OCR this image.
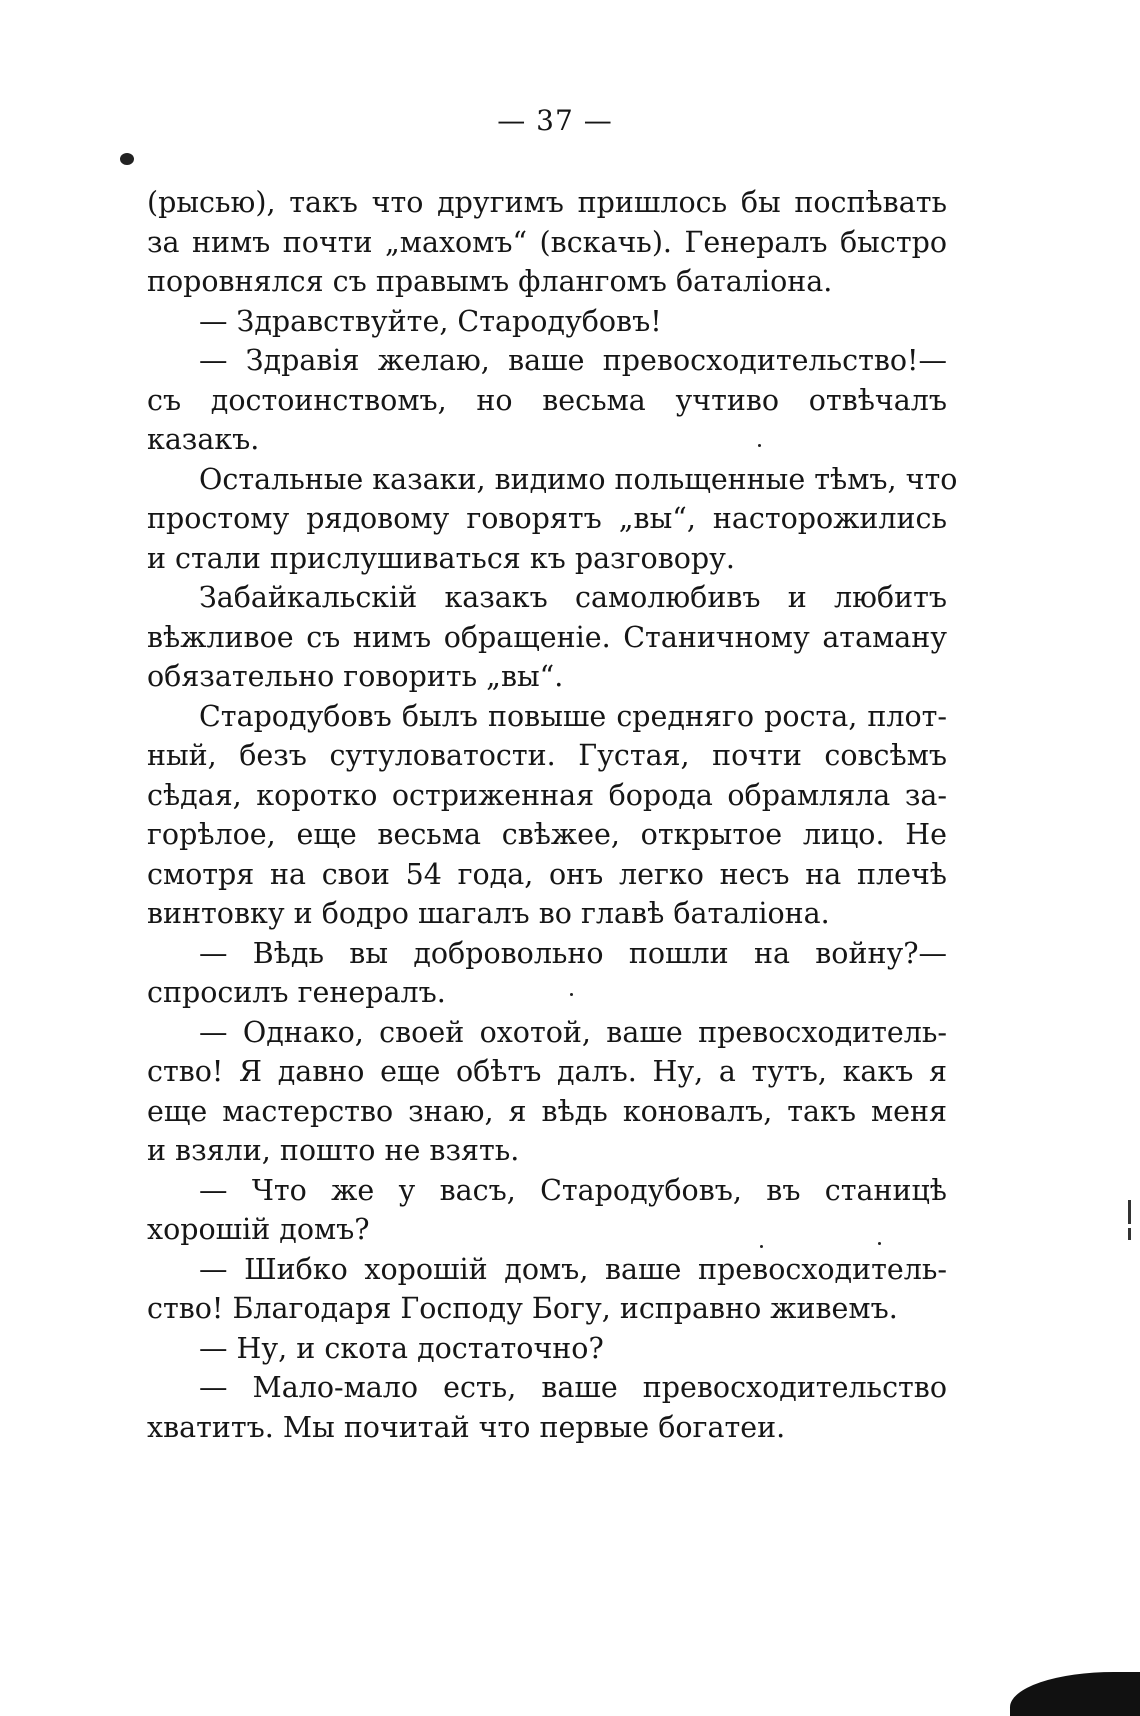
— 37 —
(рысью), такъ что другимъ пришлось бы поспѣвать
за нимъ почти „махомъ“ (вскачь). Генералъ быстро
поровнялся съ правымъ флангомъ баталіона.
— Здравствуйте, Стародубовъ!
— Здравія желаю, ваше превосходительство!—
съ достоинствомъ, но весьма учтиво отвѣчалъ
казакъ.
Остальные казаки, видимо польщенные тѣмъ, что
простому рядовому говорятъ „вы“, насторожились
и стали прислушиваться къ разговору.
Забайкальскій казакъ самолюбивъ и любитъ
вѣжливое съ нимъ обращеніе. Станичному атаману
обязательно говорить „вы“.
Стародубовъ былъ повыше средняго роста, плот-
ный, безъ сутуловатости. Густая, почти совсѣмъ
сѣдая, коротко остриженная борода обрамляла за-
горѣлое, еще весьма свѣжее, открытое лицо. Не
смотря на свои 54 года, онъ легко несъ на плечѣ
винтовку и бодро шагалъ во главѣ баталіона.
— Вѣдь вы добровольно пошли на войну?—
спросилъ генералъ.
— Однако, своей охотой, ваше превосходитель-
ство! Я давно еще обѣтъ далъ. Ну, а тутъ, какъ я
еще мастерство знаю, я вѣдь коновалъ, такъ меня
и взяли, пошто не взять.
— Что же у васъ, Стародубовъ, въ станицѣ
хорошій домъ?
— Шибко хорошій домъ, ваше превосходитель-
ство! Благодаря Господу Богу, исправно живемъ.
— Ну, и скота достаточно?
— Мало-мало есть, ваше превосходительство
хватитъ. Мы почитай что первые богатеи.
